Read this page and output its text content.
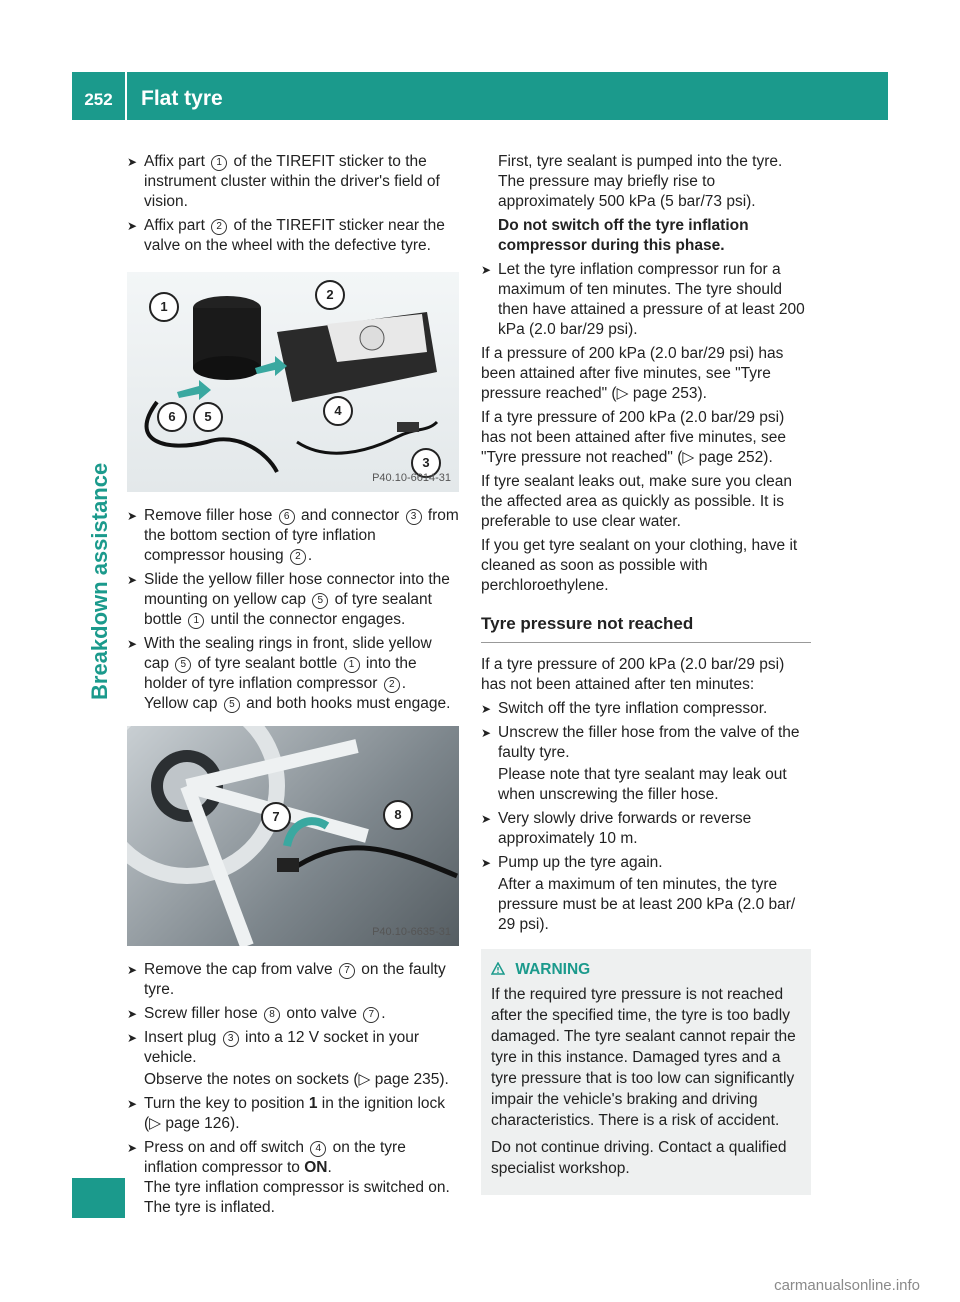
252	Flat tyre
Breakdown assistance
➤ Affix part 1 of the TIREFIT sticker to the instrument cluster within the driver's field of vision.
➤ Affix part 2 of the TIREFIT sticker near the valve on the wheel with the defective tyre.
1
2
4
6	5
3
P40.10-6614-31
➤ Remove filler hose 6 and connector 3 from the bottom section of tyre inflation compressor housing 2 .
➤ Slide the yellow filler hose connector into the mounting on yellow cap 5 of tyre sealant bottle 1 until the connector engages.
➤ With the sealing rings in front, slide yellow cap 5 of tyre sealant bottle 1 into the holder of tyre inflation compressor 2 .
Yellow cap 5 and both hooks must engage.
7	8
P40.10-6635-31
➤ Remove the cap from valve 7 on the faulty tyre.
➤ Screw filler hose 8 onto valve 7 .
➤ Insert plug 3 into a 12 V socket in your vehicle.
Observe the notes on sockets (▷ page 235).
➤ Turn the key to position 1 in the ignition lock (▷ page 126).
➤ Press on and off switch 4 on the tyre inflation compressor to ON.
The tyre inflation compressor is switched on. The tyre is inflated.

First, tyre sealant is pumped into the tyre. The pressure may briefly rise to approximately 500 kPa (5 bar/73 psi).

Do not switch off the tyre inflation compressor during this phase.

➤ Let the tyre inflation compressor run for a maximum of ten minutes. The tyre should then have attained a pressure of at least 200 kPa (2.0 bar/29 psi).

If a pressure of 200 kPa (2.0 bar/29 psi) has been attained after five minutes, see "Tyre pressure reached" (▷ page 253).

If a tyre pressure of 200 kPa (2.0 bar/29 psi) has not been attained after five minutes, see "Tyre pressure not reached" (▷ page 252).

If tyre sealant leaks out, make sure you clean the affected area as quickly as possible. It is preferable to use clear water.

If you get tyre sealant on your clothing, have it cleaned as soon as possible with perchloroethylene.

Tyre pressure not reached

If a tyre pressure of 200 kPa (2.0 bar/29 psi) has not been attained after ten minutes:

➤ Switch off the tyre inflation compressor.
➤ Unscrew the filler hose from the valve of the faulty tyre.
Please note that tyre sealant may leak out when unscrewing the filler hose.
➤ Very slowly drive forwards or reverse approximately 10 m.
➤ Pump up the tyre again.
After a maximum of ten minutes, the tyre pressure must be at least 200 kPa (2.0 bar/ 29 psi).
WARNING

If the required tyre pressure is not reached after the specified time, the tyre is too badly damaged. The tyre sealant cannot repair the tyre in this instance. Damaged tyres and a tyre pressure that is too low can significantly impair the vehicle's braking and driving characteristics. There is a risk of accident.

Do not continue driving. Contact a qualified specialist workshop.

carmanualsonline.info
